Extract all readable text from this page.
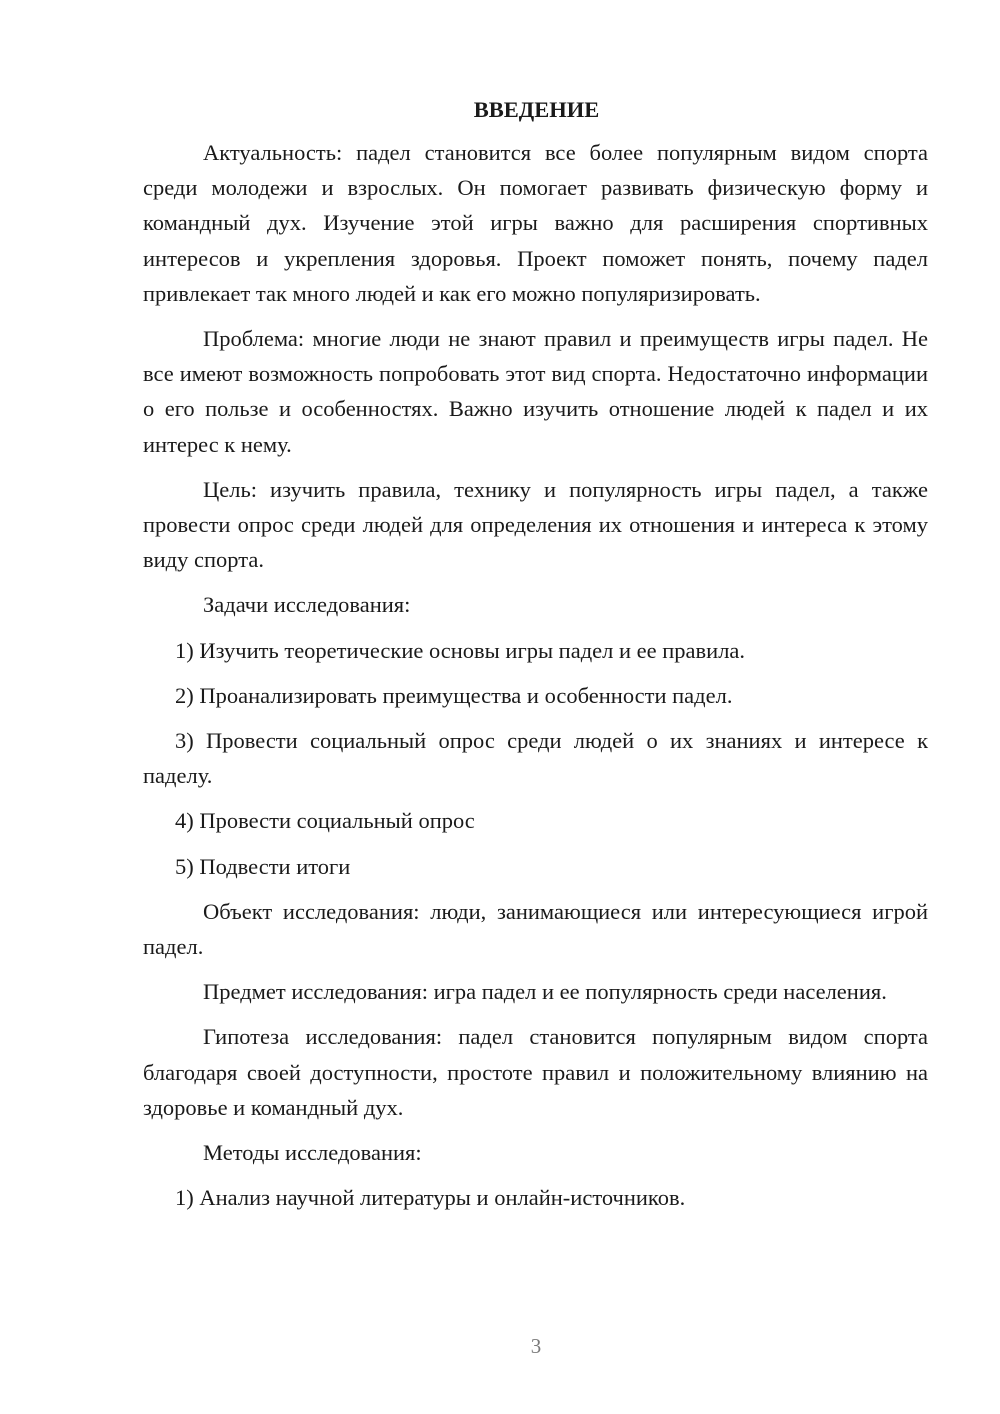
ВВЕДЕНИЕ

Актуальность: падел становится все более популярным видом спорта среди молодежи и взрослых. Он помогает развивать физическую форму и командный дух. Изучение этой игры важно для расширения спортивных интересов и укрепления здоровья. Проект поможет понять, почему падел привлекает так много людей и как его можно популяризировать.

Проблема: многие люди не знают правил и преимуществ игры падел. Не все имеют возможность попробовать этот вид спорта. Недостаточно информации о его пользе и особенностях. Важно изучить отношение людей к падел и их интерес к нему.

Цель: изучить правила, технику и популярность игры падел, а также провести опрос среди людей для определения их отношения и интереса к этому виду спорта.

Задачи исследования:

1) Изучить теоретические основы игры падел и ее правила.

2) Проанализировать преимущества и особенности падел.

3) Провести социальный опрос среди людей о их знаниях и интересе к паделу.

4) Провести социальный опрос

5) Подвести итоги

Объект исследования: люди, занимающиеся или интересующиеся игрой падел.

Предмет исследования: игра падел и ее популярность среди населения.

Гипотеза исследования: падел становится популярным видом спорта благодаря своей доступности, простоте правил и положительному влиянию на здоровье и командный дух.

Методы исследования:

1) Анализ научной литературы и онлайн-источников.

3
